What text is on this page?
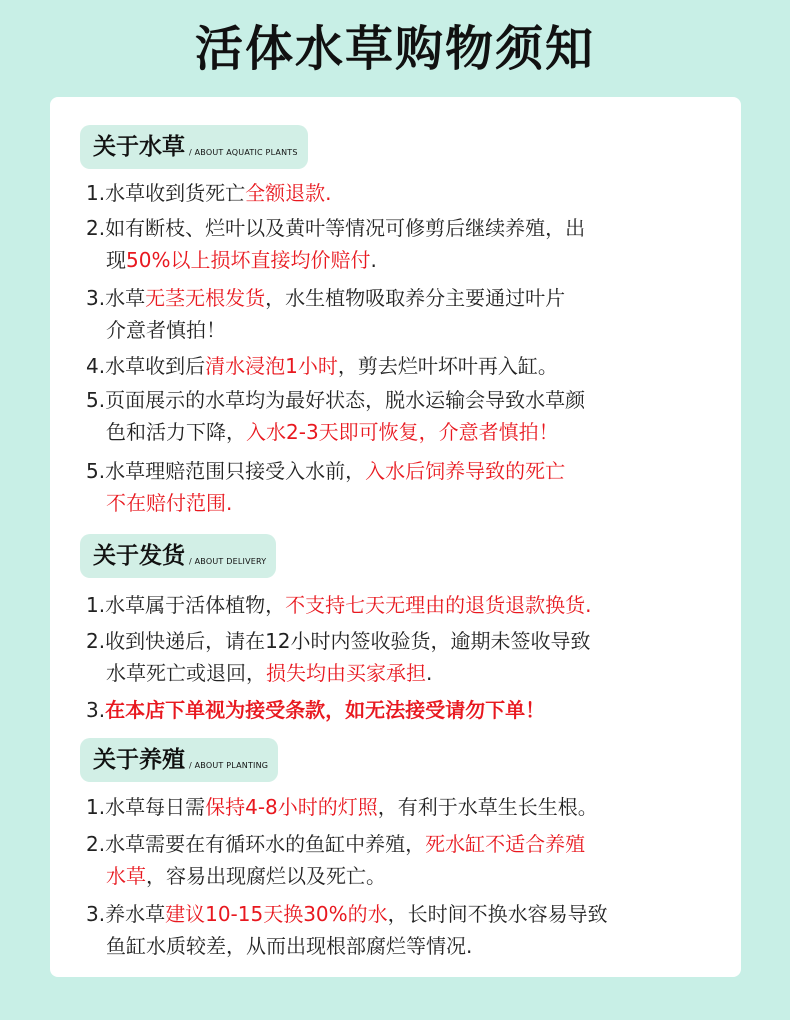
活体水草购物须知
关于水草 / ABOUT AQUATIC PLANTS
1.水草收到货死亡全额退款.
2.如有断枝、烂叶以及黄叶等情况可修剪后继续养殖，出
现50%以上损坏直接均价赔付.
3.水草无茎无根发货，水生植物吸取养分主要通过叶片
介意者慎拍！
4.水草收到后清水浸泡1小时，剪去烂叶坏叶再入缸。
5.页面展示的水草均为最好状态，脱水运输会导致水草颜
色和活力下降，入水2-3天即可恢复，介意者慎拍！
5.水草理赔范围只接受入水前，入水后饲养导致的死亡
不在赔付范围.
关于发货 / ABOUT DELIVERY
1.水草属于活体植物，不支持七天无理由的退货退款换货.
2.收到快递后，请在12小时内签收验货，逾期未签收导致
水草死亡或退回，损失均由买家承担.
3.在本店下单视为接受条款，如无法接受请勿下单！
关于养殖 / ABOUT PLANTING
1.水草每日需保持4-8小时的灯照，有利于水草生长生根。
2.水草需要在有循环水的鱼缸中养殖，死水缸不适合养殖
水草，容易出现腐烂以及死亡。
3.养水草建议10-15天换30%的水，长时间不换水容易导致
鱼缸水质较差，从而出现根部腐烂等情况.
